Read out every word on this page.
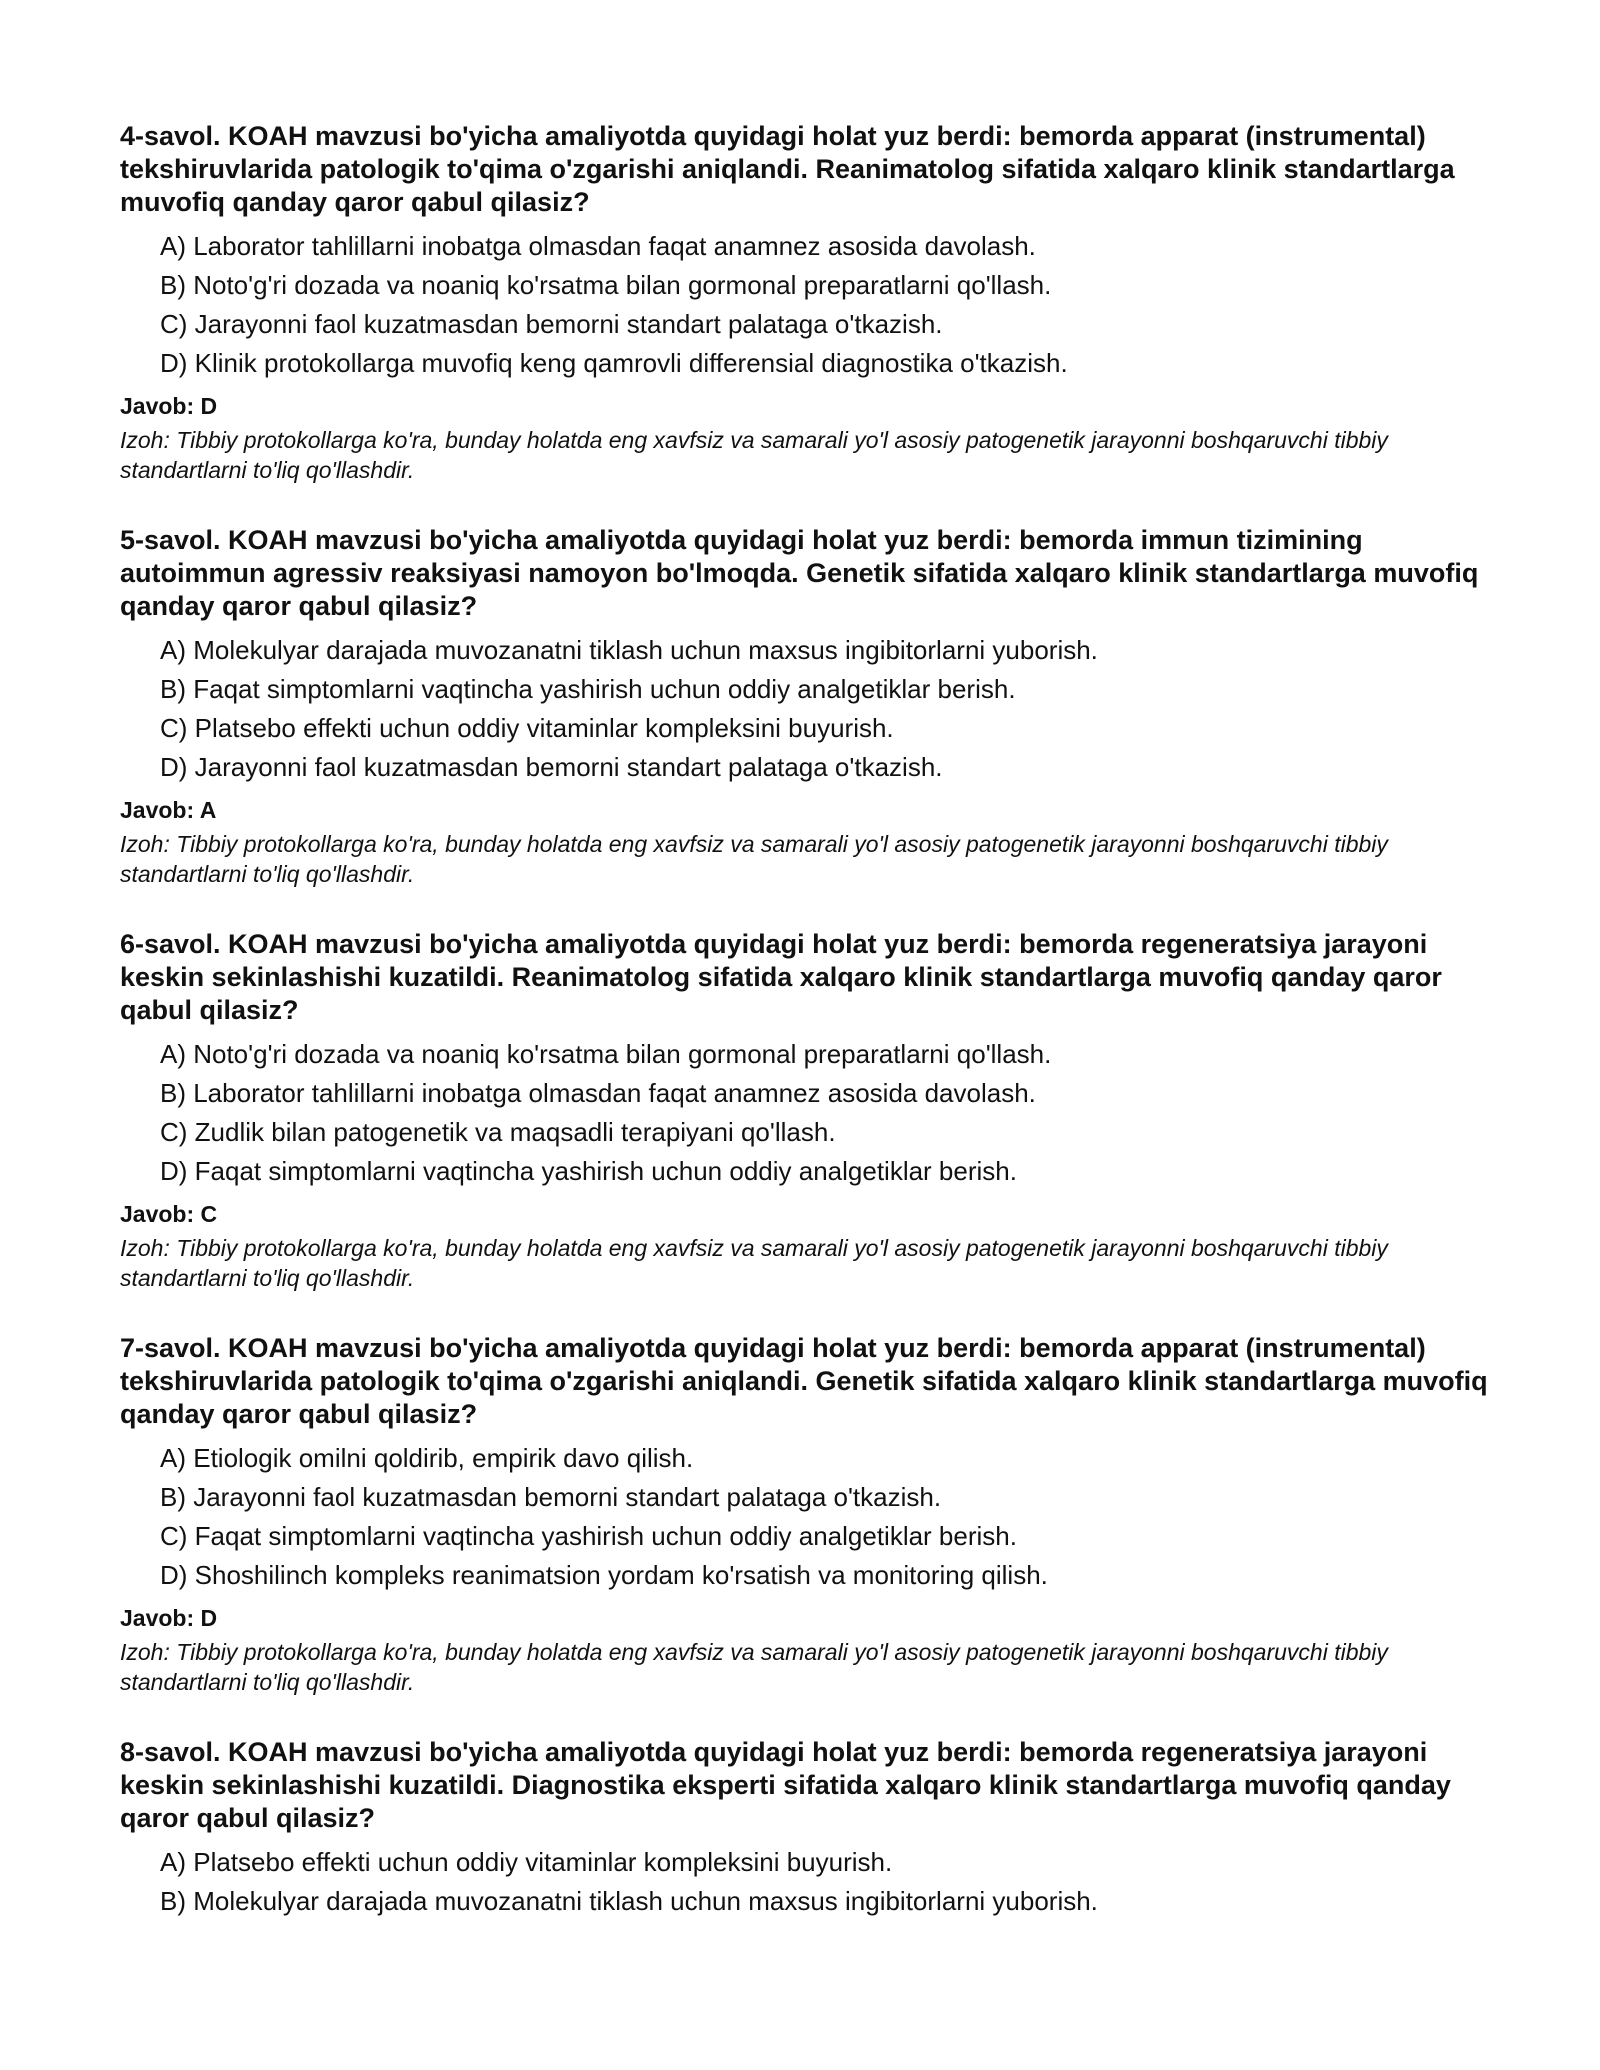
4-savol. KOAH mavzusi bo'yicha amaliyotda quyidagi holat yuz berdi: bemorda apparat (instrumental) tekshiruvlarida patologik to'qima o'zgarishi aniqlandi. Reanimatolog sifatida xalqaro klinik standartlarga muvofiq qanday qaror qabul qilasiz?

A) Laborator tahlillarni inobatga olmasdan faqat anamnez asosida davolash.
B) Noto'g'ri dozada va noaniq ko'rsatma bilan gormonal preparatlarni qo'llash.
C) Jarayonni faol kuzatmasdan bemorni standart palataga o'tkazish.
D) Klinik protokollarga muvofiq keng qamrovli differensial diagnostika o'tkazish.

Javob: D

Izoh: Tibbiy protokollarga ko'ra, bunday holatda eng xavfsiz va samarali yo'l asosiy patogenetik jarayonni boshqaruvchi tibbiy standartlarni to'liq qo'llashdir.

5-savol. KOAH mavzusi bo'yicha amaliyotda quyidagi holat yuz berdi: bemorda immun tizimining autoimmun agressiv reaksiyasi namoyon bo'lmoqda. Genetik sifatida xalqaro klinik standartlarga muvofiq qanday qaror qabul qilasiz?

A) Molekulyar darajada muvozanatni tiklash uchun maxsus ingibitorlarni yuborish.
B) Faqat simptomlarni vaqtincha yashirish uchun oddiy analgetiklar berish.
C) Platsebo effekti uchun oddiy vitaminlar kompleksini buyurish.
D) Jarayonni faol kuzatmasdan bemorni standart palataga o'tkazish.

Javob: A

Izoh: Tibbiy protokollarga ko'ra, bunday holatda eng xavfsiz va samarali yo'l asosiy patogenetik jarayonni boshqaruvchi tibbiy standartlarni to'liq qo'llashdir.

6-savol. KOAH mavzusi bo'yicha amaliyotda quyidagi holat yuz berdi: bemorda regeneratsiya jarayoni keskin sekinlashishi kuzatildi. Reanimatolog sifatida xalqaro klinik standartlarga muvofiq qanday qaror qabul qilasiz?

A) Noto'g'ri dozada va noaniq ko'rsatma bilan gormonal preparatlarni qo'llash.
B) Laborator tahlillarni inobatga olmasdan faqat anamnez asosida davolash.
C) Zudlik bilan patogenetik va maqsadli terapiyani qo'llash.
D) Faqat simptomlarni vaqtincha yashirish uchun oddiy analgetiklar berish.

Javob: C

Izoh: Tibbiy protokollarga ko'ra, bunday holatda eng xavfsiz va samarali yo'l asosiy patogenetik jarayonni boshqaruvchi tibbiy standartlarni to'liq qo'llashdir.

7-savol. KOAH mavzusi bo'yicha amaliyotda quyidagi holat yuz berdi: bemorda apparat (instrumental) tekshiruvlarida patologik to'qima o'zgarishi aniqlandi. Genetik sifatida xalqaro klinik standartlarga muvofiq qanday qaror qabul qilasiz?

A) Etiologik omilni qoldirib, empirik davo qilish.
B) Jarayonni faol kuzatmasdan bemorni standart palataga o'tkazish.
C) Faqat simptomlarni vaqtincha yashirish uchun oddiy analgetiklar berish.
D) Shoshilinch kompleks reanimatsion yordam ko'rsatish va monitoring qilish.

Javob: D

Izoh: Tibbiy protokollarga ko'ra, bunday holatda eng xavfsiz va samarali yo'l asosiy patogenetik jarayonni boshqaruvchi tibbiy standartlarni to'liq qo'llashdir.

8-savol. KOAH mavzusi bo'yicha amaliyotda quyidagi holat yuz berdi: bemorda regeneratsiya jarayoni keskin sekinlashishi kuzatildi. Diagnostika eksperti sifatida xalqaro klinik standartlarga muvofiq qanday qaror qabul qilasiz?

A) Platsebo effekti uchun oddiy vitaminlar kompleksini buyurish.
B) Molekulyar darajada muvozanatni tiklash uchun maxsus ingibitorlarni yuborish.
